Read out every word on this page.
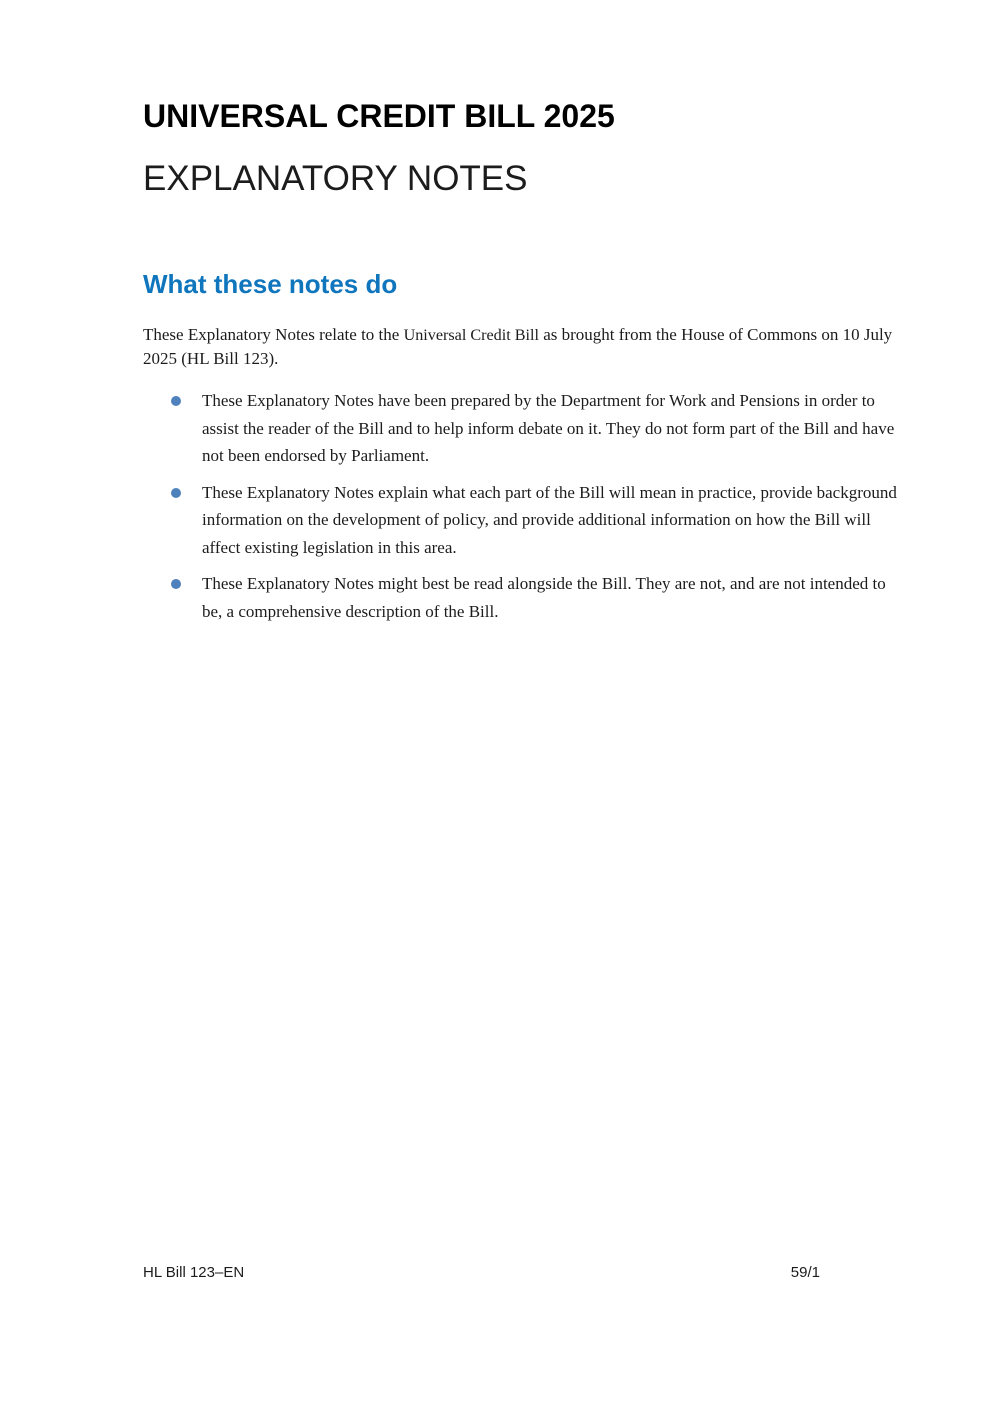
UNIVERSAL CREDIT BILL 2025
EXPLANATORY NOTES
What these notes do

These Explanatory Notes relate to the Universal Credit Bill as brought from the House of Commons on 10 July 2025 (HL Bill 123).

These Explanatory Notes have been prepared by the Department for Work and Pensions in order to assist the reader of the Bill and to help inform debate on it. They do not form part of the Bill and have not been endorsed by Parliament.
These Explanatory Notes explain what each part of the Bill will mean in practice, provide background information on the development of policy, and provide additional information on how the Bill will affect existing legislation in this area.
These Explanatory Notes might best be read alongside the Bill. They are not, and are not intended to be, a comprehensive description of the Bill.
HL Bill 123–EN	59/1
